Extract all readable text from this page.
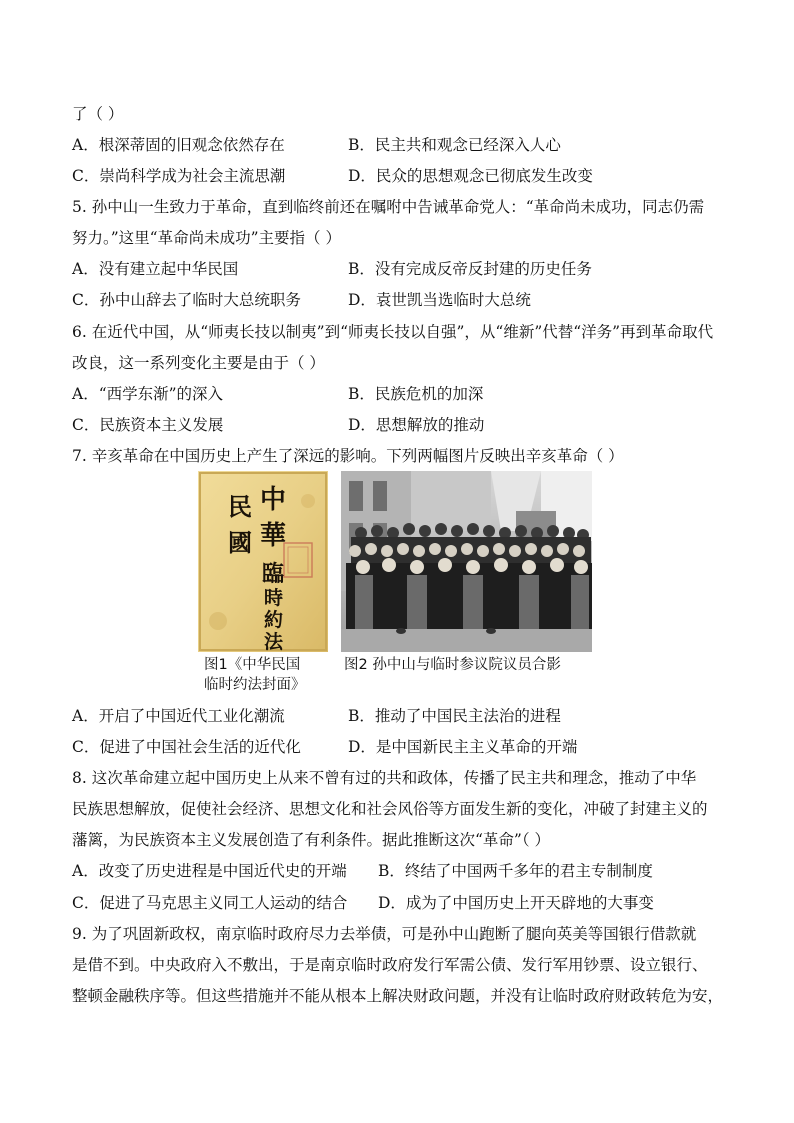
了（ ）
A．根深蒂固的旧观念依然存在	B．民主共和观念已经深入人心
C．崇尚科学成为社会主流思潮	D．民众的思想观念已彻底发生改变
5. 孙中山一生致力于革命，直到临终前还在嘱咐中告诫革命党人：“革命尚未成功，同志仍需
努力。”这里“革命尚未成功”主要指（ ）
A．没有建立起中华民国	B．没有完成反帝反封建的历史任务
C．孙中山辞去了临时大总统职务	D．袁世凯当选临时大总统
6. 在近代中国，从“师夷长技以制夷”到“师夷长技以自强”，从“维新”代替“洋务”再到革命取代
改良，这一系列变化主要是由于（ ）
A．“西学东渐”的深入	B．民族危机的加深
C．民族资本主义发展	D．思想解放的推动
7. 辛亥革命在中国历史上产生了深远的影响。下列两幅图片反映出辛亥革命（ ）
中
華
民
國
臨
時
約
法
图1《中华民国
临时约法封面》
图2 孙中山与临时参议院议员合影
A．开启了中国近代工业化潮流	B．推动了中国民主法治的进程
C．促进了中国社会生活的近代化	D．是中国新民主主义革命的开端
8. 这次革命建立起中国历史上从来不曾有过的共和政体，传播了民主共和理念，推动了中华
民族思想解放，促使社会经济、思想文化和社会风俗等方面发生新的变化，冲破了封建主义的
藩篱，为民族资本主义发展创造了有利条件。据此推断这次“革命”（ ）
A．改变了历史进程是中国近代史的开端 B．终结了中国两千多年的君主专制制度
C．促进了马克思主义同工人运动的结合 D．成为了中国历史上开天辟地的大事变
9. 为了巩固新政权，南京临时政府尽力去举债，可是孙中山跑断了腿向英美等国银行借款就
是借不到。中央政府入不敷出，于是南京临时政府发行军需公债、发行军用钞票、设立银行、
整顿金融秩序等。但这些措施并不能从根本上解决财政问题，并没有让临时政府财政转危为安，
